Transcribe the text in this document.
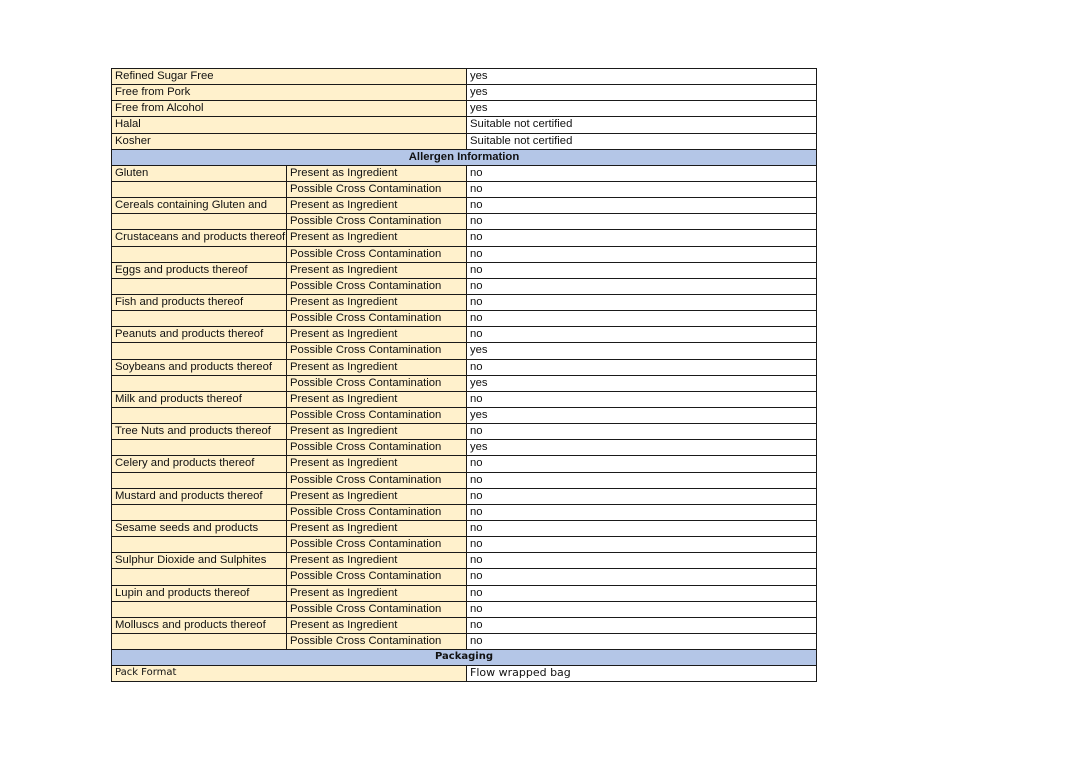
Refined Sugar Free		yes
Free from Pork		yes
Free from Alcohol		yes
Halal		Suitable not certified
Kosher		Suitable not certified
Allergen Information		
Gluten	Present as Ingredient	no
	Possible Cross Contamination	no
Cereals containing Gluten and	Present as Ingredient	no
	Possible Cross Contamination	no
Crustaceans and products thereof	Present as Ingredient	no
	Possible Cross Contamination	no
Eggs and products thereof	Present as Ingredient	no
	Possible Cross Contamination	no
Fish and products thereof	Present as Ingredient	no
	Possible Cross Contamination	no
Peanuts and products thereof	Present as Ingredient	no
	Possible Cross Contamination	yes
Soybeans and products thereof	Present as Ingredient	no
	Possible Cross Contamination	yes
Milk and products thereof	Present as Ingredient	no
	Possible Cross Contamination	yes
Tree Nuts and products thereof	Present as Ingredient	no
	Possible Cross Contamination	yes
Celery and products thereof	Present as Ingredient	no
	Possible Cross Contamination	no
Mustard and products thereof	Present as Ingredient	no
	Possible Cross Contamination	no
Sesame seeds and products	Present as Ingredient	no
	Possible Cross Contamination	no
Sulphur Dioxide and Sulphites	Present as Ingredient	no
	Possible Cross Contamination	no
Lupin and products thereof	Present as Ingredient	no
	Possible Cross Contamination	no
Molluscs and products thereof	Present as Ingredient	no
	Possible Cross Contamination	no
Packaging		
Pack Format		Flow wrapped bag
